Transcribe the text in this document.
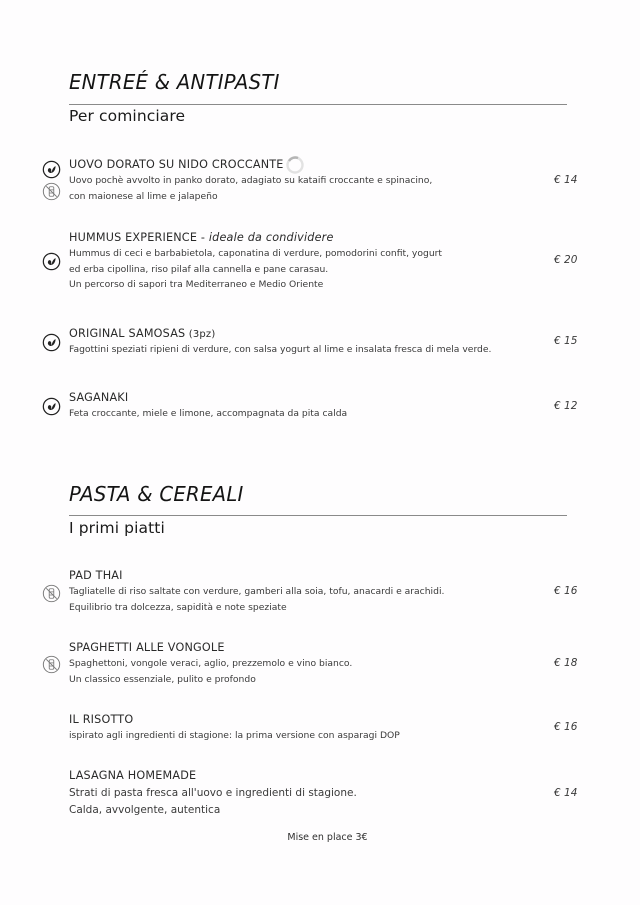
ENTREÉ & ANTIPASTI
Per cominciare
UOVO DORATO SU NIDO CROCCANTE
Uovo pochè avvolto in panko dorato, adagiato su kataifi croccante e spinacino,
con maionese al lime e jalapeño
€ 14
HUMMUS EXPERIENCE - ideale da condividere
Hummus di ceci e barbabietola, caponatina di verdure, pomodorini confit, yogurt
ed erba cipollina, riso pilaf alla cannella e pane carasau.
Un percorso di sapori tra Mediterraneo e Medio Oriente
€ 20
ORIGINAL SAMOSAS (3pz)
Fagottini speziati ripieni di verdure, con salsa yogurt al lime e insalata fresca di mela verde.
€ 15
SAGANAKI
Feta croccante, miele e limone, accompagnata da pita calda
€ 12
PASTA & CEREALI
I primi piatti
PAD THAI
Tagliatelle di riso saltate con verdure, gamberi alla soia, tofu, anacardi e arachidi.
Equilibrio tra dolcezza, sapidità e note speziate
€ 16
SPAGHETTI ALLE VONGOLE
Spaghettoni, vongole veraci, aglio, prezzemolo e vino bianco.
Un classico essenziale, pulito e profondo
€ 18
IL RISOTTO
ispirato agli ingredienti di stagione: la prima versione con asparagi DOP
€ 16
LASAGNA HOMEMADE
Strati di pasta fresca all'uovo e ingredienti di stagione.
Calda, avvolgente, autentica
€ 14
Mise en place 3€
